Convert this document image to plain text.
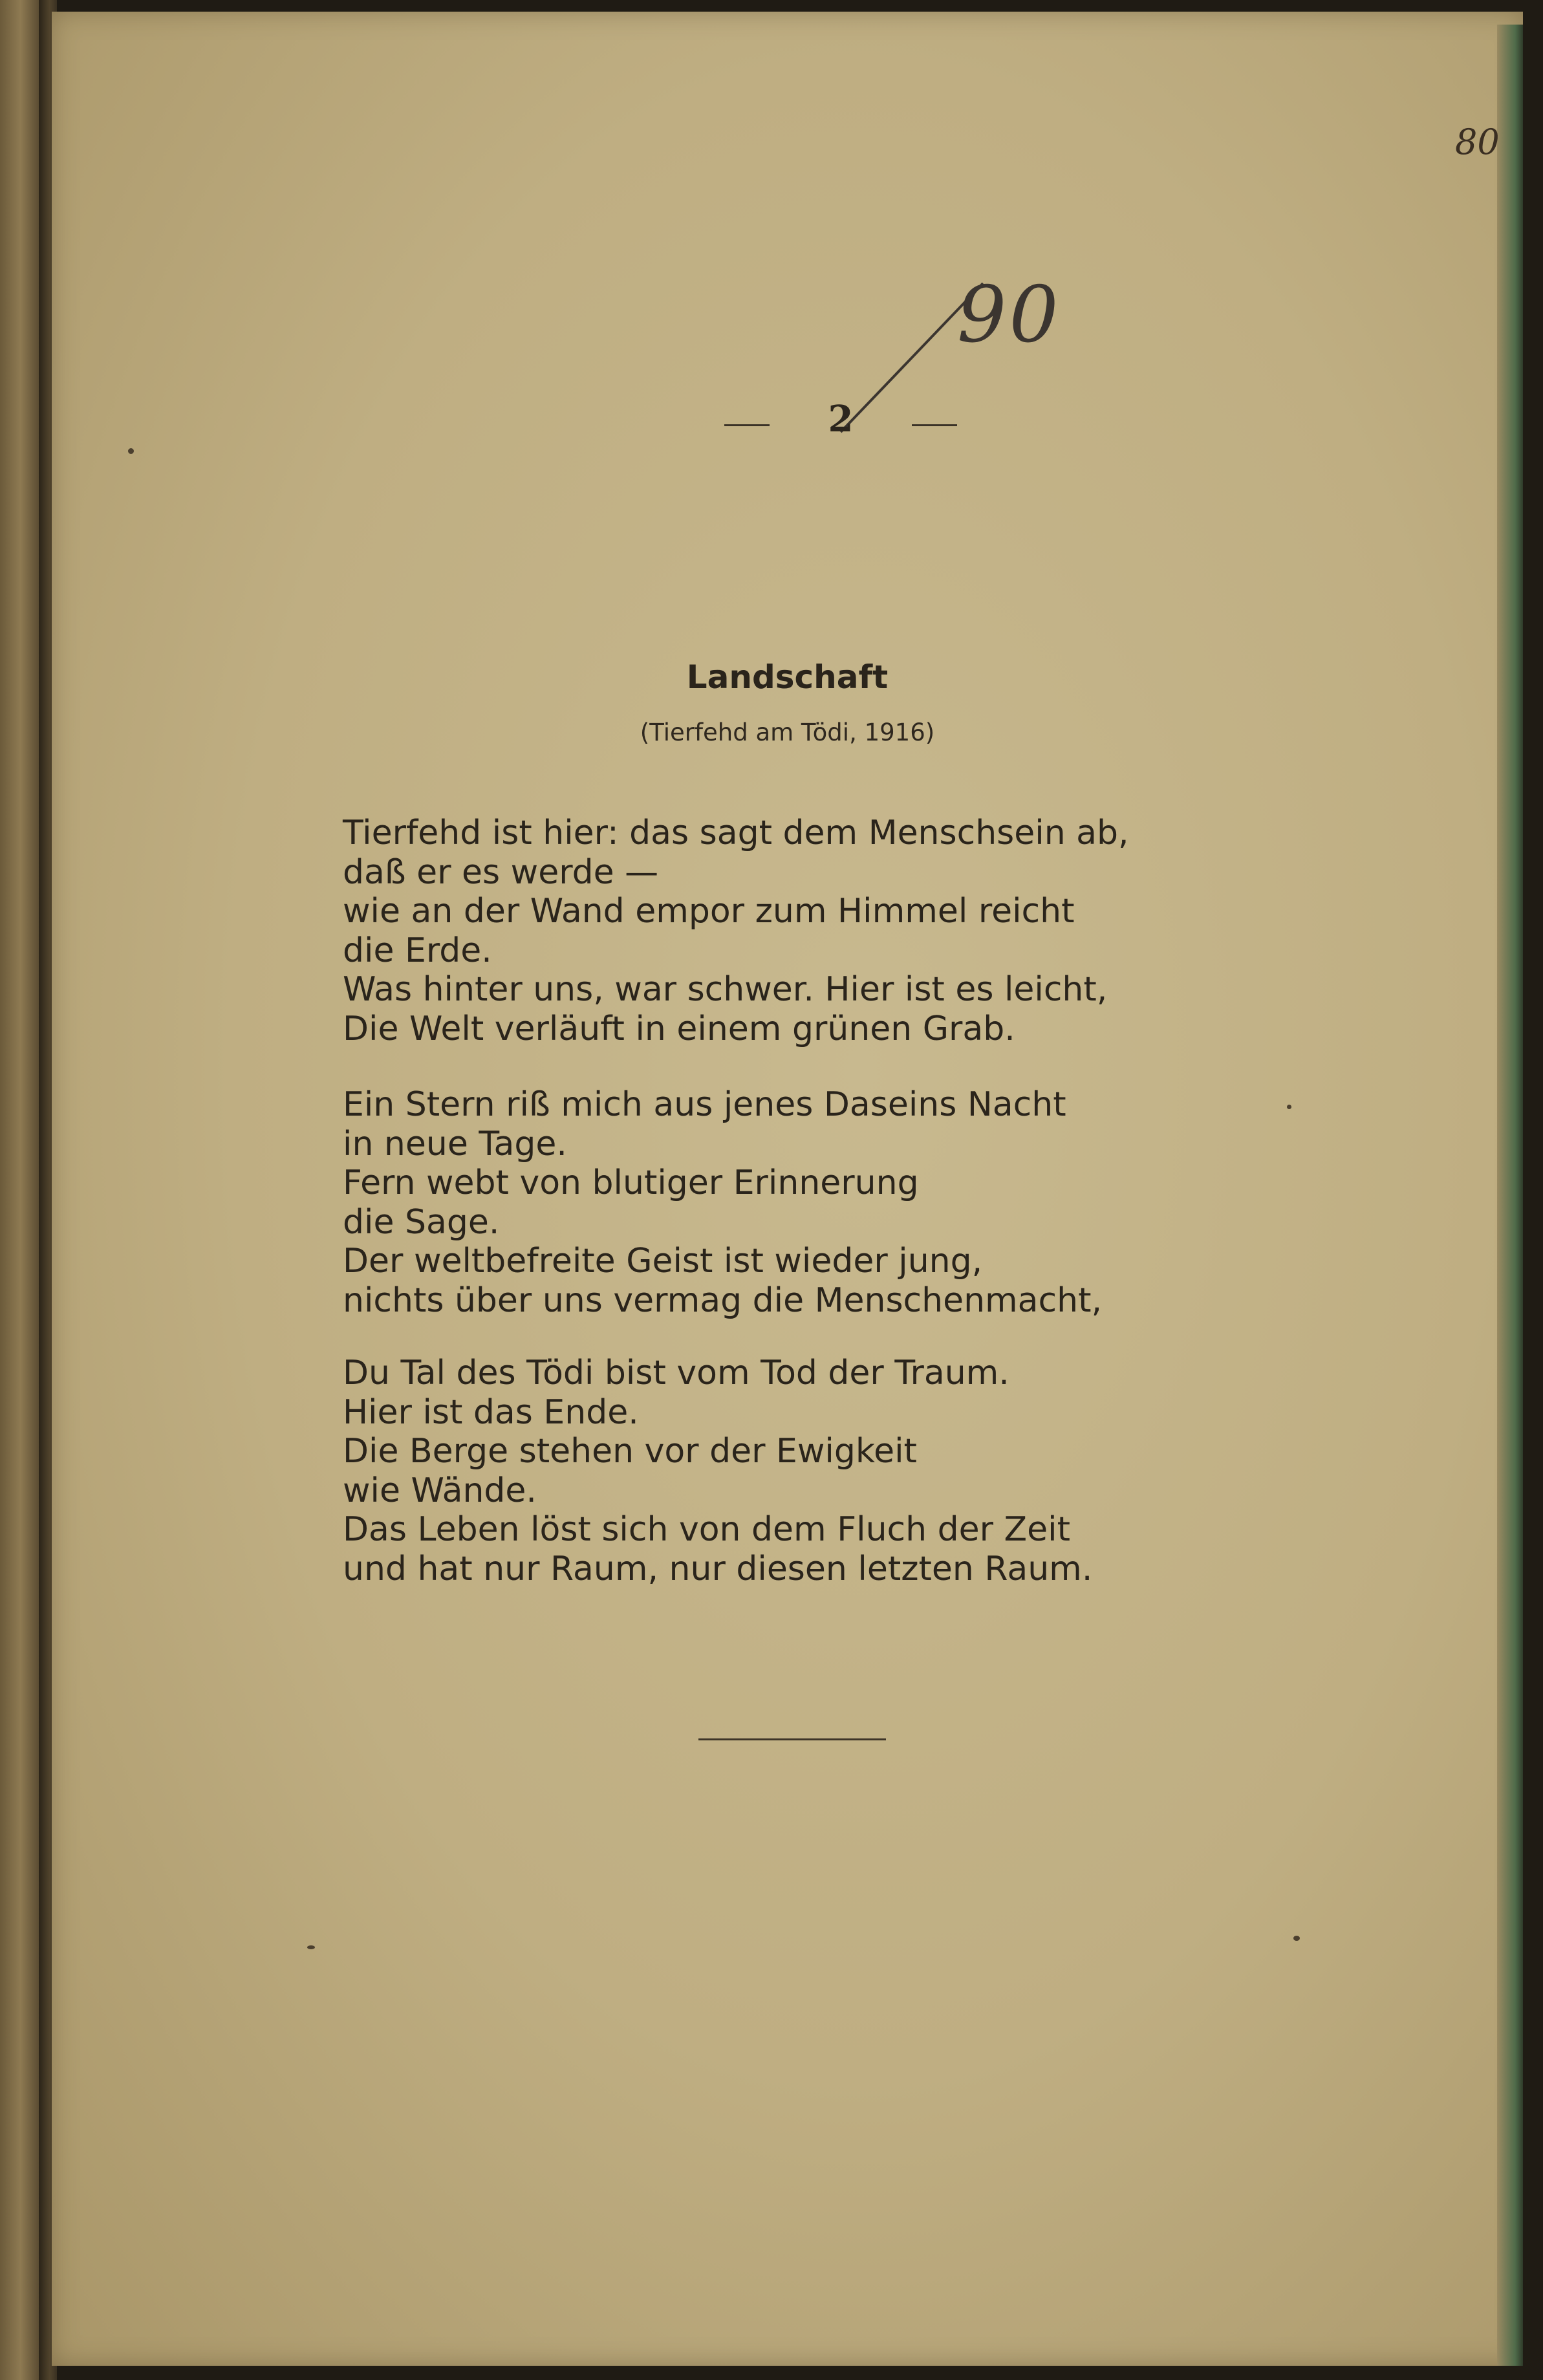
80
90
2
Landschaft
(Tierfehd am Tödi, 1916)
Tierfehd ist hier: das sagt dem Menschsein ab,
daß er es werde —
wie an der Wand empor zum Himmel reicht
die Erde.
Was hinter uns, war schwer. Hier ist es leicht,
Die Welt verläuft in einem grünen Grab.
Ein Stern riß mich aus jenes Daseins Nacht
in neue Tage.
Fern webt von blutiger Erinnerung
die Sage.
Der weltbefreite Geist ist wieder jung,
nichts über uns vermag die Menschenmacht,
Du Tal des Tödi bist vom Tod der Traum.
Hier ist das Ende.
Die Berge stehen vor der Ewigkeit
wie Wände.
Das Leben löst sich von dem Fluch der Zeit
und hat nur Raum, nur diesen letzten Raum.
